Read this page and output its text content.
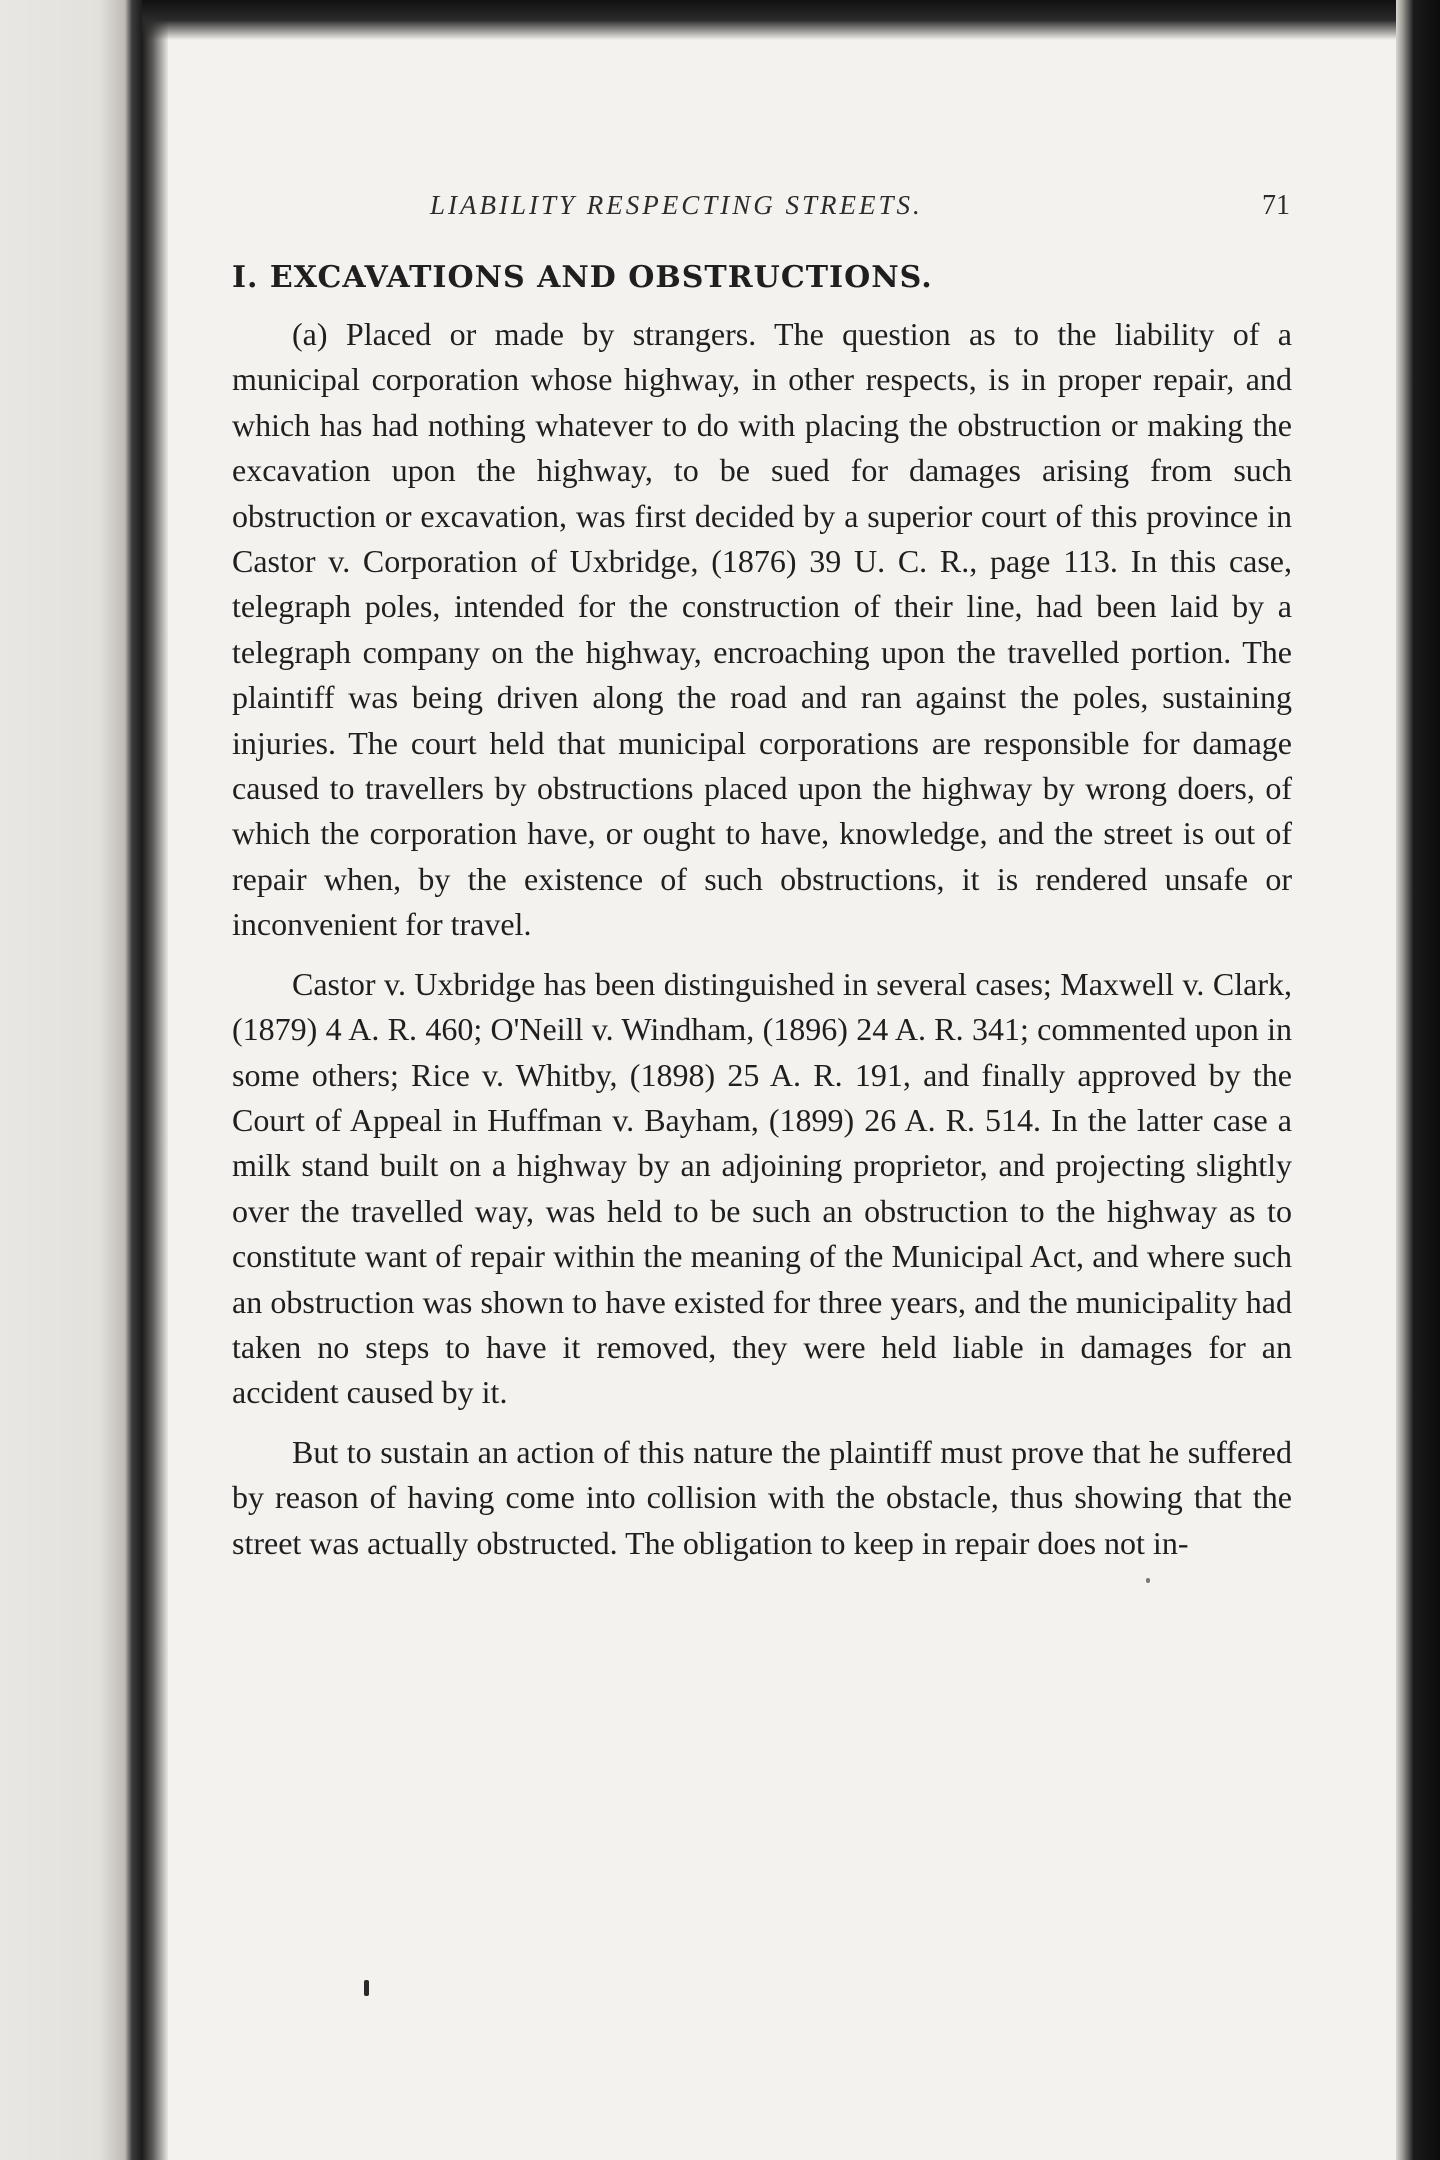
LIABILITY RESPECTING STREETS.	71
I. EXCAVATIONS AND OBSTRUCTIONS.

(a) Placed or made by strangers. The question as to the liability of a municipal corporation whose highway, in other respects, is in proper repair, and which has had nothing whatever to do with placing the obstruction or making the excavation upon the highway, to be sued for damages arising from such obstruction or excavation, was first decided by a superior court of this province in Castor v. Corporation of Uxbridge, (1876) 39 U. C. R., page 113. In this case, telegraph poles, intended for the construction of their line, had been laid by a telegraph company on the highway, encroaching upon the travelled portion. The plaintiff was being driven along the road and ran against the poles, sustaining injuries. The court held that municipal corporations are responsible for damage caused to travellers by obstructions placed upon the highway by wrong doers, of which the corporation have, or ought to have, knowledge, and the street is out of repair when, by the existence of such obstructions, it is rendered unsafe or inconvenient for travel.

Castor v. Uxbridge has been distinguished in several cases; Maxwell v. Clark, (1879) 4 A. R. 460; O'Neill v. Windham, (1896) 24 A. R. 341; commented upon in some others; Rice v. Whitby, (1898) 25 A. R. 191, and finally approved by the Court of Appeal in Huffman v. Bayham, (1899) 26 A. R. 514. In the latter case a milk stand built on a highway by an adjoining proprietor, and projecting slightly over the travelled way, was held to be such an obstruction to the highway as to constitute want of repair within the meaning of the Municipal Act, and where such an obstruction was shown to have existed for three years, and the municipality had taken no steps to have it removed, they were held liable in damages for an accident caused by it.

But to sustain an action of this nature the plaintiff must prove that he suffered by reason of having come into collision with the obstacle, thus showing that the street was actually obstructed. The obligation to keep in repair does not in-
